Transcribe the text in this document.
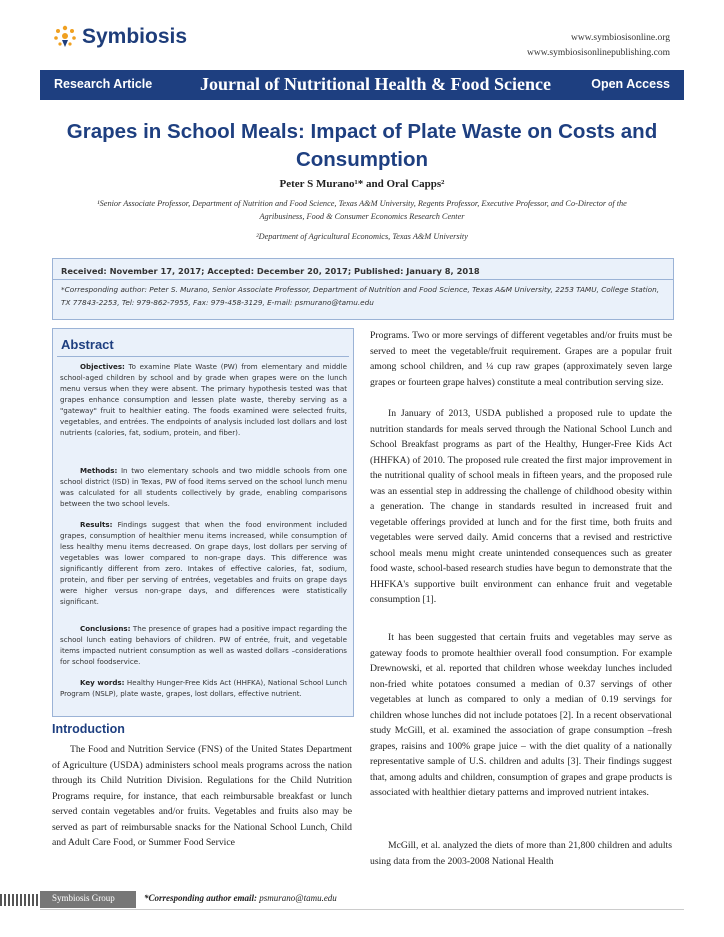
Symbiosis	www.symbiosisonline.org
www.symbiosisonlinepublishing.com
Research Article	Journal of Nutritional Health & Food Science	Open Access
Grapes in School Meals: Impact of Plate Waste on Costs and Consumption
Peter S Murano¹* and Oral Capps²
¹Senior Associate Professor, Department of Nutrition and Food Science, Texas A&M University, Regents Professor, Executive Professor, and Co-Director of the Agribusiness, Food & Consumer Economics Research Center
²Department of Agricultural Economics, Texas A&M University
Received: November 17, 2017; Accepted: December 20, 2017; Published: January 8, 2018
*Corresponding author: Peter S. Murano, Senior Associate Professor, Department of Nutrition and Food Science, Texas A&M University, 2253 TAMU, College Station, TX 77843-2253, Tel: 979-862-7955, Fax: 979-458-3129, E-mail: psmurano@tamu.edu
Abstract

Objectives: To examine Plate Waste (PW) from elementary and middle school-aged children by school and by grade when grapes were on the lunch menu versus when they were absent. The primary hypothesis tested was that grapes enhance consumption and lessen plate waste, thereby serving as a "gateway" fruit to healthier eating. The foods examined were selected fruits, vegetables, and entrées. The endpoints of analysis included lost dollars and lost nutrients (calories, fat, sodium, protein, and fiber).

Methods: In two elementary schools and two middle schools from one school district (ISD) in Texas, PW of food items served on the school lunch menu was calculated for all students collectively by grade, enabling comparisons between the two school levels.

Results: Findings suggest that when the food environment included grapes, consumption of healthier menu items increased, while consumption of less healthy menu items decreased. On grape days, lost dollars per serving of vegetables was lower compared to non-grape days. This difference was significantly different from zero. Intakes of effective calories, fat, sodium, protein, and fiber per serving of entrées, vegetables and fruits on grape days were higher versus non-grape days, and differences were statistically significant.

Conclusions: The presence of grapes had a positive impact regarding the school lunch eating behaviors of children. PW of entrée, fruit, and vegetable items impacted nutrient consumption as well as wasted dollars –considerations for school foodservice.

Key words: Healthy Hunger-Free Kids Act (HHFKA), National School Lunch Program (NSLP), plate waste, grapes, lost dollars, effective nutrient.

Introduction

The Food and Nutrition Service (FNS) of the United States Department of Agriculture (USDA) administers school meals programs across the nation through its Child Nutrition Division. Regulations for the Child Nutrition Programs require, for instance, that each reimbursable breakfast or lunch served contain vegetables and/or fruits. Vegetables and fruits also may be served as part of reimbursable snacks for the National School Lunch, Child and Adult Care Food, or Summer Food Service

Programs. Two or more servings of different vegetables and/or fruits must be served to meet the vegetable/fruit requirement. Grapes are a popular fruit among school children, and ¼ cup raw grapes (approximately seven large grapes or fourteen grape halves) constitute a meal contribution serving size.

In January of 2013, USDA published a proposed rule to update the nutrition standards for meals served through the National School Lunch and School Breakfast programs as part of the Healthy, Hunger-Free Kids Act (HHFKA) of 2010. The proposed rule created the first major improvement in the nutritional quality of school meals in fifteen years, and the proposed rule was an essential step in addressing the challenge of childhood obesity within a generation. The change in standards resulted in increased fruit and vegetable offerings provided at lunch and for the first time, both fruits and vegetables were served daily. Amid concerns that a revised and restrictive school meals menu might create unintended consequences such as greater food waste, school-based research studies have begun to demonstrate that the HHFKA's supportive built environment can enhance fruit and vegetable consumption [1].

It has been suggested that certain fruits and vegetables may serve as gateway foods to promote healthier overall food consumption. For example Drewnowski, et al. reported that children whose weekday lunches included non-fried white potatoes consumed a median of 0.37 servings of other vegetables at lunch as compared to only a median of 0.19 servings for children whose lunches did not include potatoes [2]. In a recent observational study McGill, et al. examined the association of grape consumption –fresh grapes, raisins and 100% grape juice – with the diet quality of a nationally representative sample of U.S. children and adults [3]. Their findings suggest that, among adults and children, consumption of grapes and grape products is associated with healthier dietary patterns and improved nutrient intakes.

McGill, et al. analyzed the diets of more than 21,800 children and adults using data from the 2003-2008 National Health

Symbiosis Group	*Corresponding author email: psmurano@tamu.edu
